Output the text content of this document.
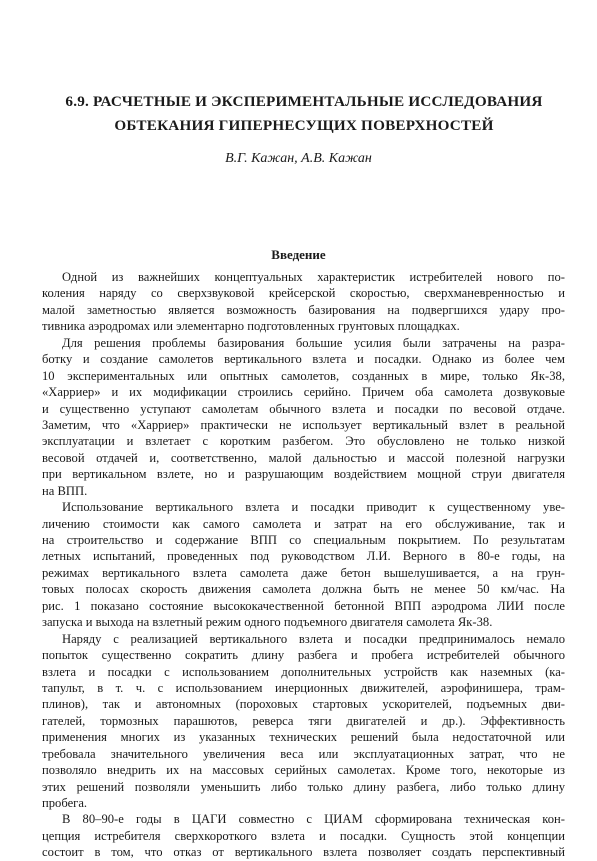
6.9. РАСЧЕТНЫЕ И ЭКСПЕРИМЕНТАЛЬНЫЕ ИССЛЕДОВАНИЯ
ОБТЕКАНИЯ ГИПЕРНЕСУЩИХ ПОВЕРХНОСТЕЙ
В.Г. Кажан, А.В. Кажан
Введение
Одной из важнейших концептуальных характеристик истребителей нового по-
коления наряду со сверхзвуковой крейсерской скоростью, сверхманевренностью и
малой заметностью является возможность базирования на подвергшихся удару про-
тивника аэродромах или элементарно подготовленных грунтовых площадках.
Для решения проблемы базирования большие усилия были затрачены на разра-
ботку и создание самолетов вертикального взлета и посадки. Однако из более чем
10 экспериментальных или опытных самолетов, созданных в мире, только Як-38,
«Харриер» и их модификации строились серийно. Причем оба самолета дозвуковые
и существенно уступают самолетам обычного взлета и посадки по весовой отдаче.
Заметим, что «Харриер» практически не использует вертикальный взлет в реальной
эксплуатации и взлетает с коротким разбегом. Это обусловлено не только низкой
весовой отдачей и, соответственно, малой дальностью и массой полезной нагрузки
при вертикальном взлете, но и разрушающим воздействием мощной струи двигателя
на ВПП.
Использование вертикального взлета и посадки приводит к существенному уве-
личению стоимости как самого самолета и затрат на его обслуживание, так и
на строительство и содержание ВПП со специальным покрытием. По результатам
летных испытаний, проведенных под руководством Л.И. Верного в 80-е годы, на
режимах вертикального взлета самолета даже бетон вышелушивается, а на грун-
товых полосах скорость движения самолета должна быть не менее 50 км/час. На
рис. 1 показано состояние высококачественной бетонной ВПП аэродрома ЛИИ после
запуска и выхода на взлетный режим одного подъемного двигателя самолета Як-38.
Наряду с реализацией вертикального взлета и посадки предпринималось немало
попыток существенно сократить длину разбега и пробега истребителей обычного
взлета и посадки с использованием дополнительных устройств как наземных (ка-
тапульт, в т. ч. с использованием инерционных движителей, аэрофинишера, трам-
плинов), так и автономных (пороховых стартовых ускорителей, подъемных дви-
гателей, тормозных парашютов, реверса тяги двигателей и др.). Эффективность
применения многих из указанных технических решений была недостаточной или
требовала значительного увеличения веса или эксплуатационных затрат, что не
позволяло внедрить их на массовых серийных самолетах. Кроме того, некоторые из
этих решений позволяли уменьшить либо только длину разбега, либо только длину
пробега.
В 80–90-е годы в ЦАГИ совместно с ЦИАМ сформирована техническая кон-
цепция истребителя сверхкороткого взлета и посадки. Сущность этой концепции
состоит в том, что отказ от вертикального взлета позволяет создать перспективный
